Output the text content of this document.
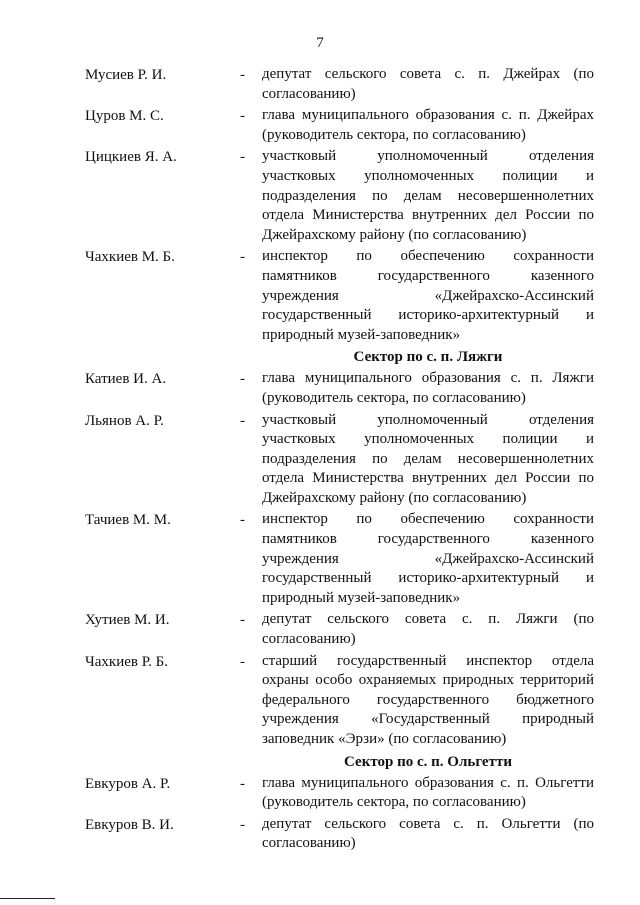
7
Мусиев Р. И.	- депутат сельского совета с. п. Джейрах (по согласованию)
Цуров М. С.	- глава муниципального образования с. п. Джейрах (руководитель сектора, по согласованию)
Цицкиев Я. А.	- участковый уполномоченный отделения участковых уполномоченных полиции и подразделения по делам несовершеннолетних отдела Министерства внутренних дел России по Джейрахскому району (по согласованию)
Чахкиев М. Б.	- инспектор по обеспечению сохранности памятников государственного казенного учреждения «Джейрахско-Ассинский государственный историко-архитектурный и природный музей-заповедник»
Сектор по с. п. Ляжги
Катиев И. А.	- глава муниципального образования с. п. Ляжги (руководитель сектора, по согласованию)
Льянов А. Р.	- участковый уполномоченный отделения участковых уполномоченных полиции и подразделения по делам несовершеннолетних отдела Министерства внутренних дел России по Джейрахскому району (по согласованию)
Тачиев М. М.	- инспектор по обеспечению сохранности памятников государственного казенного учреждения «Джейрахско-Ассинский государственный историко-архитектурный и природный музей-заповедник»
Хутиев М. И.	- депутат сельского совета с. п. Ляжги (по согласованию)
Чахкиев Р. Б.	- старший государственный инспектор отдела охраны особо охраняемых природных территорий федерального государственного бюджетного учреждения «Государственный природный заповедник «Эрзи» (по согласованию)
Сектор по с. п. Ольгетти
Евкуров А. Р.	- глава муниципального образования с. п. Ольгетти (руководитель сектора, по согласованию)
Евкуров В. И.	- депутат сельского совета с. п. Ольгетти (по согласованию)
